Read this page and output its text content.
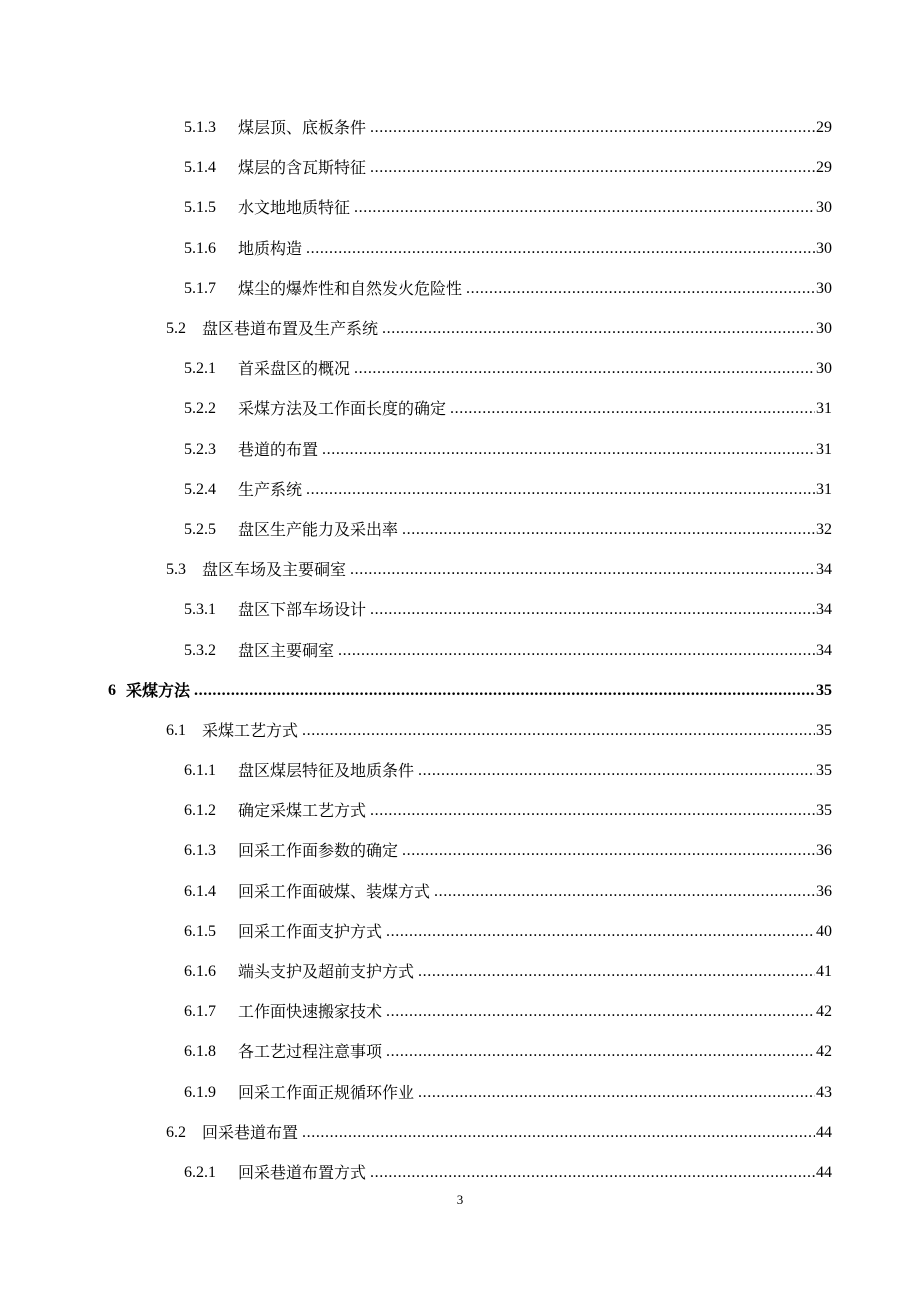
5.1.3	煤层顶、底板条件 .....	29
5.1.4	煤层的含瓦斯特征 .....	29
5.1.5	水文地地质特征 .....	30
5.1.6	地质构造 .....	30
5.1.7	煤尘的爆炸性和自然发火危险性 .....	30
5.2	盘区巷道布置及生产系统 .....	30
5.2.1	首采盘区的概况 .....	30
5.2.2	采煤方法及工作面长度的确定 .....	31
5.2.3	巷道的布置 .....	31
5.2.4	生产系统 .....	31
5.2.5	盘区生产能力及采出率 .....	32
5.3	盘区车场及主要硐室 .....	34
5.3.1	盘区下部车场设计 .....	34
5.3.2	盘区主要硐室 .....	34
6 采煤方法 .....	35
6.1	采煤工艺方式 .....	35
6.1.1	盘区煤层特征及地质条件 .....	35
6.1.2	确定采煤工艺方式 .....	35
6.1.3	回采工作面参数的确定 .....	36
6.1.4	回采工作面破煤、装煤方式 .....	36
6.1.5	回采工作面支护方式 .....	40
6.1.6	端头支护及超前支护方式 .....	41
6.1.7	工作面快速搬家技术 .....	42
6.1.8	各工艺过程注意事项 .....	42
6.1.9	回采工作面正规循环作业 .....	43
6.2	回采巷道布置 .....	44
6.2.1	回采巷道布置方式 .....	44
3
